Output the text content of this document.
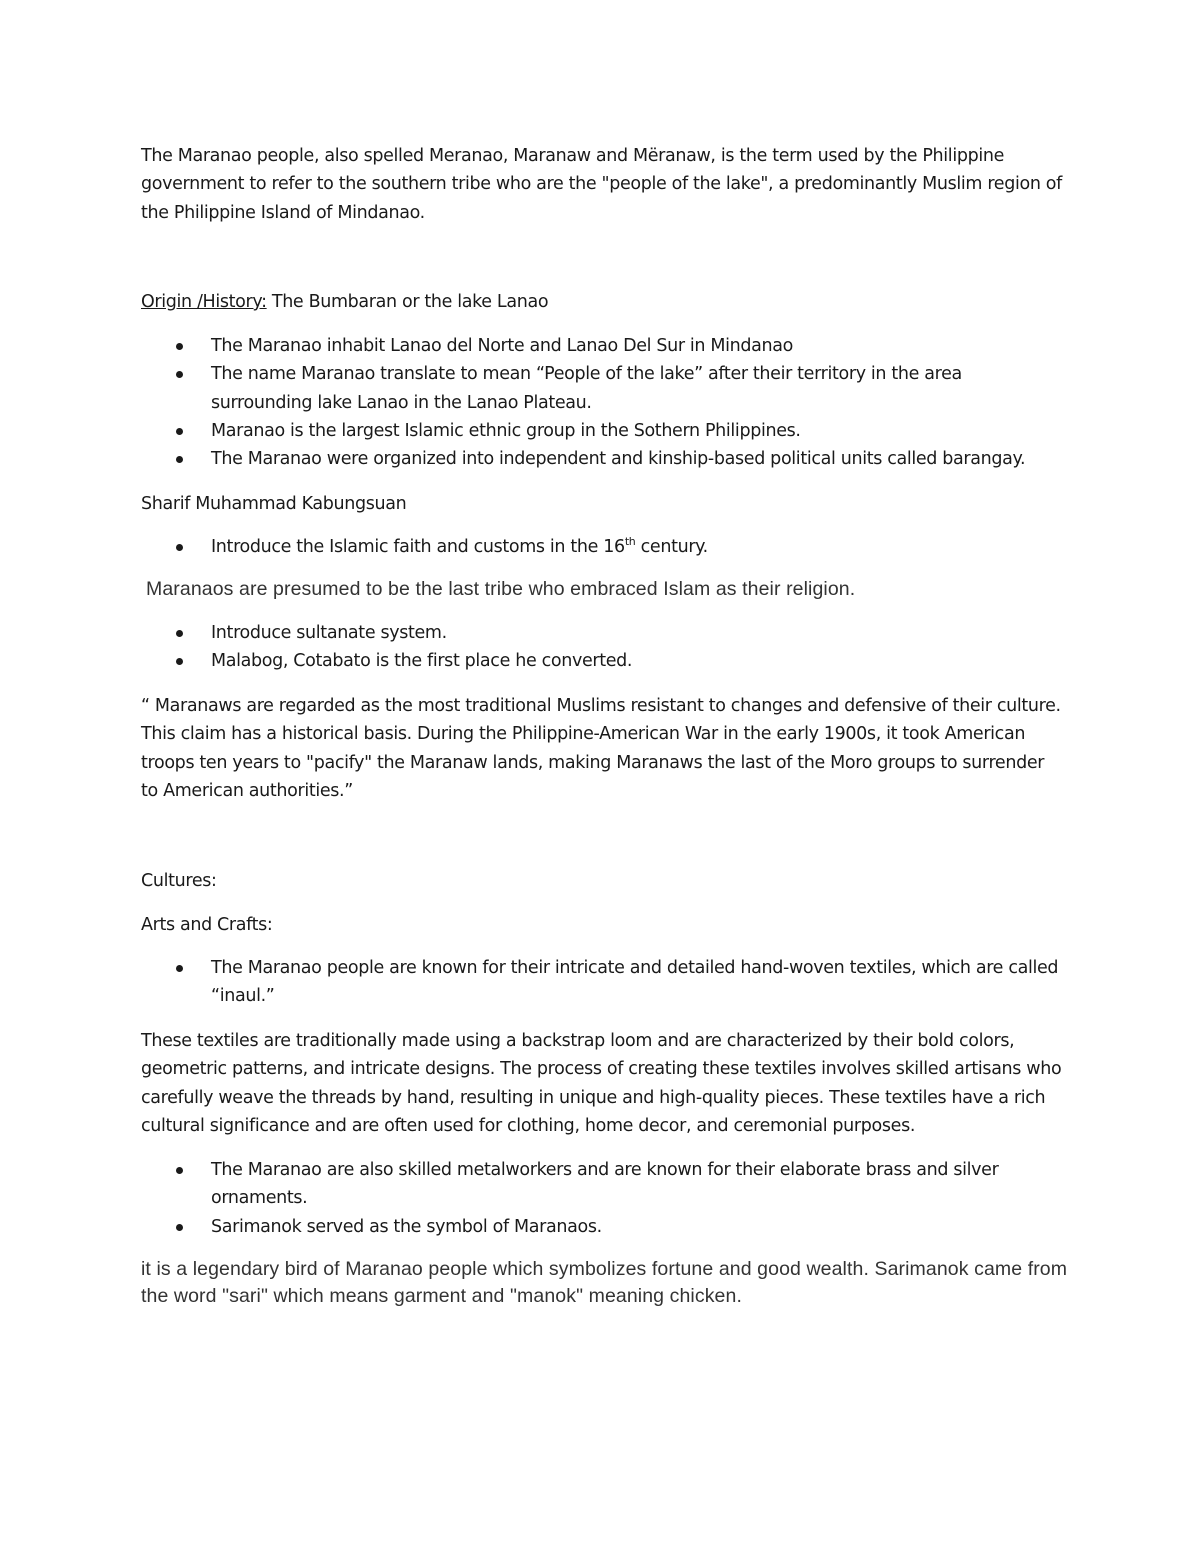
The Maranao people, also spelled Meranao, Maranaw and Mëranaw, is the term used by the Philippine government to refer to the southern tribe who are the "people of the lake", a predominantly Muslim region of the Philippine Island of Mindanao.

Origin /History: The Bumbaran or the lake Lanao

The Maranao inhabit Lanao del Norte and Lanao Del Sur in Mindanao
The name Maranao translate to mean “People of the lake” after their territory in the area surrounding lake Lanao in the Lanao Plateau.
Maranao is the largest Islamic ethnic group in the Sothern Philippines.
The Maranao were organized into independent and kinship-based political units called barangay.

Sharif Muhammad Kabungsuan

Introduce the Islamic faith and customs in the 16th century.

Maranaos are presumed to be the last tribe who embraced Islam as their religion.

Introduce sultanate system.
Malabog, Cotabato is the first place he converted.

“ Maranaws are regarded as the most traditional Muslims resistant to changes and defensive of their culture. This claim has a historical basis. During the Philippine-American War in the early 1900s, it took American troops ten years to "pacify" the Maranaw lands, making Maranaws the last of the Moro groups to surrender to American authorities.”

Cultures:

Arts and Crafts:

The Maranao people are known for their intricate and detailed hand-woven textiles, which are called “inaul.”

These textiles are traditionally made using a backstrap loom and are characterized by their bold colors, geometric patterns, and intricate designs. The process of creating these textiles involves skilled artisans who carefully weave the threads by hand, resulting in unique and high-quality pieces. These textiles have a rich cultural significance and are often used for clothing, home decor, and ceremonial purposes.

The Maranao are also skilled metalworkers and are known for their elaborate brass and silver ornaments.
Sarimanok served as the symbol of Maranaos.

it is a legendary bird of Maranao people which symbolizes fortune and good wealth. Sarimanok came from the word "sari" which means garment and "manok" meaning chicken.
